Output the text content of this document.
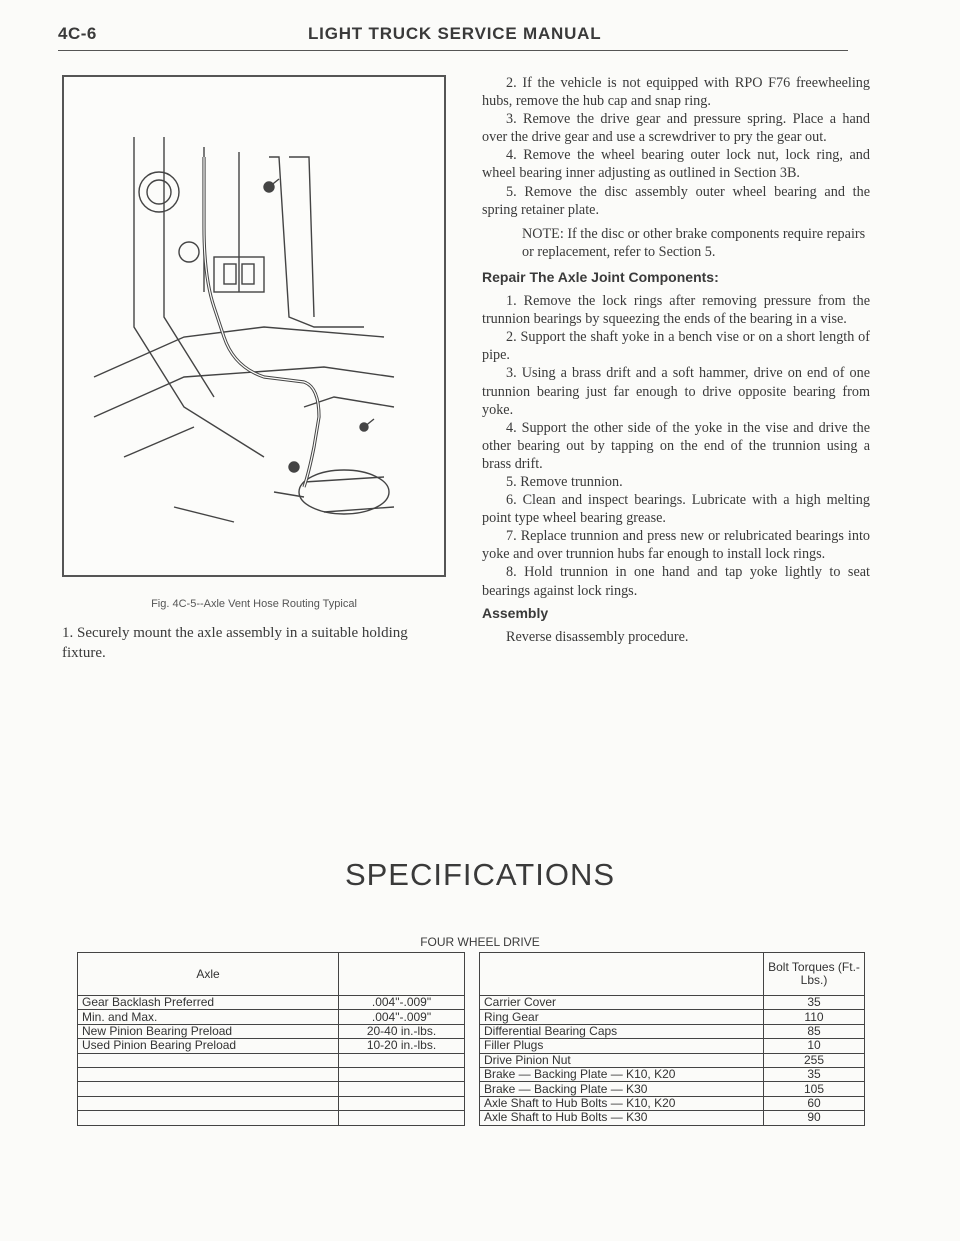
4C-6	LIGHT TRUCK SERVICE MANUAL
Fig. 4C-5--Axle Vent Hose Routing Typical
1. Securely mount the axle assembly in a suitable holding fixture.

2. If the vehicle is not equipped with RPO F76 freewheeling hubs, remove the hub cap and snap ring.

3. Remove the drive gear and pressure spring. Place a hand over the drive gear and use a screwdriver to pry the gear out.

4. Remove the wheel bearing outer lock nut, lock ring, and wheel bearing inner adjusting as outlined in Section 3B.

5. Remove the disc assembly outer wheel bearing and the spring retainer plate.

NOTE: If the disc or other brake components require repairs or replacement, refer to Section 5.

Repair The Axle Joint Components:

1. Remove the lock rings after removing pressure from the trunnion bearings by squeezing the ends of the bearing in a vise.

2. Support the shaft yoke in a bench vise or on a short length of pipe.

3. Using a brass drift and a soft hammer, drive on end of one trunnion bearing just far enough to drive opposite bearing from yoke.

4. Support the other side of the yoke in the vise and drive the other bearing out by tapping on the end of the trunnion using a brass drift.

5. Remove trunnion.

6. Clean and inspect bearings. Lubricate with a high melting point type wheel bearing grease.

7. Replace trunnion and press new or relubricated bearings into yoke and over trunnion hubs far enough to install lock rings.

8. Hold trunnion in one hand and tap yoke lightly to seat bearings against lock rings.

Assembly

Reverse disassembly procedure.

SPECIFICATIONS
FOUR WHEEL DRIVE
Axle	
Gear Backlash Preferred	.004"-.009"
Min. and Max.	.004"-.009"
New Pinion Bearing Preload	20-40 in.-lbs.
Used Pinion Bearing Preload	10-20 in.-lbs.

	Bolt Torques (Ft.-Lbs.)
Carrier Cover	35
Ring Gear	110
Differential Bearing Caps	85
Filler Plugs	10
Drive Pinion Nut	255
Brake — Backing Plate — K10, K20	35
Brake — Backing Plate — K30	105
Axle Shaft to Hub Bolts — K10, K20	60
Axle Shaft to Hub Bolts — K30	90
